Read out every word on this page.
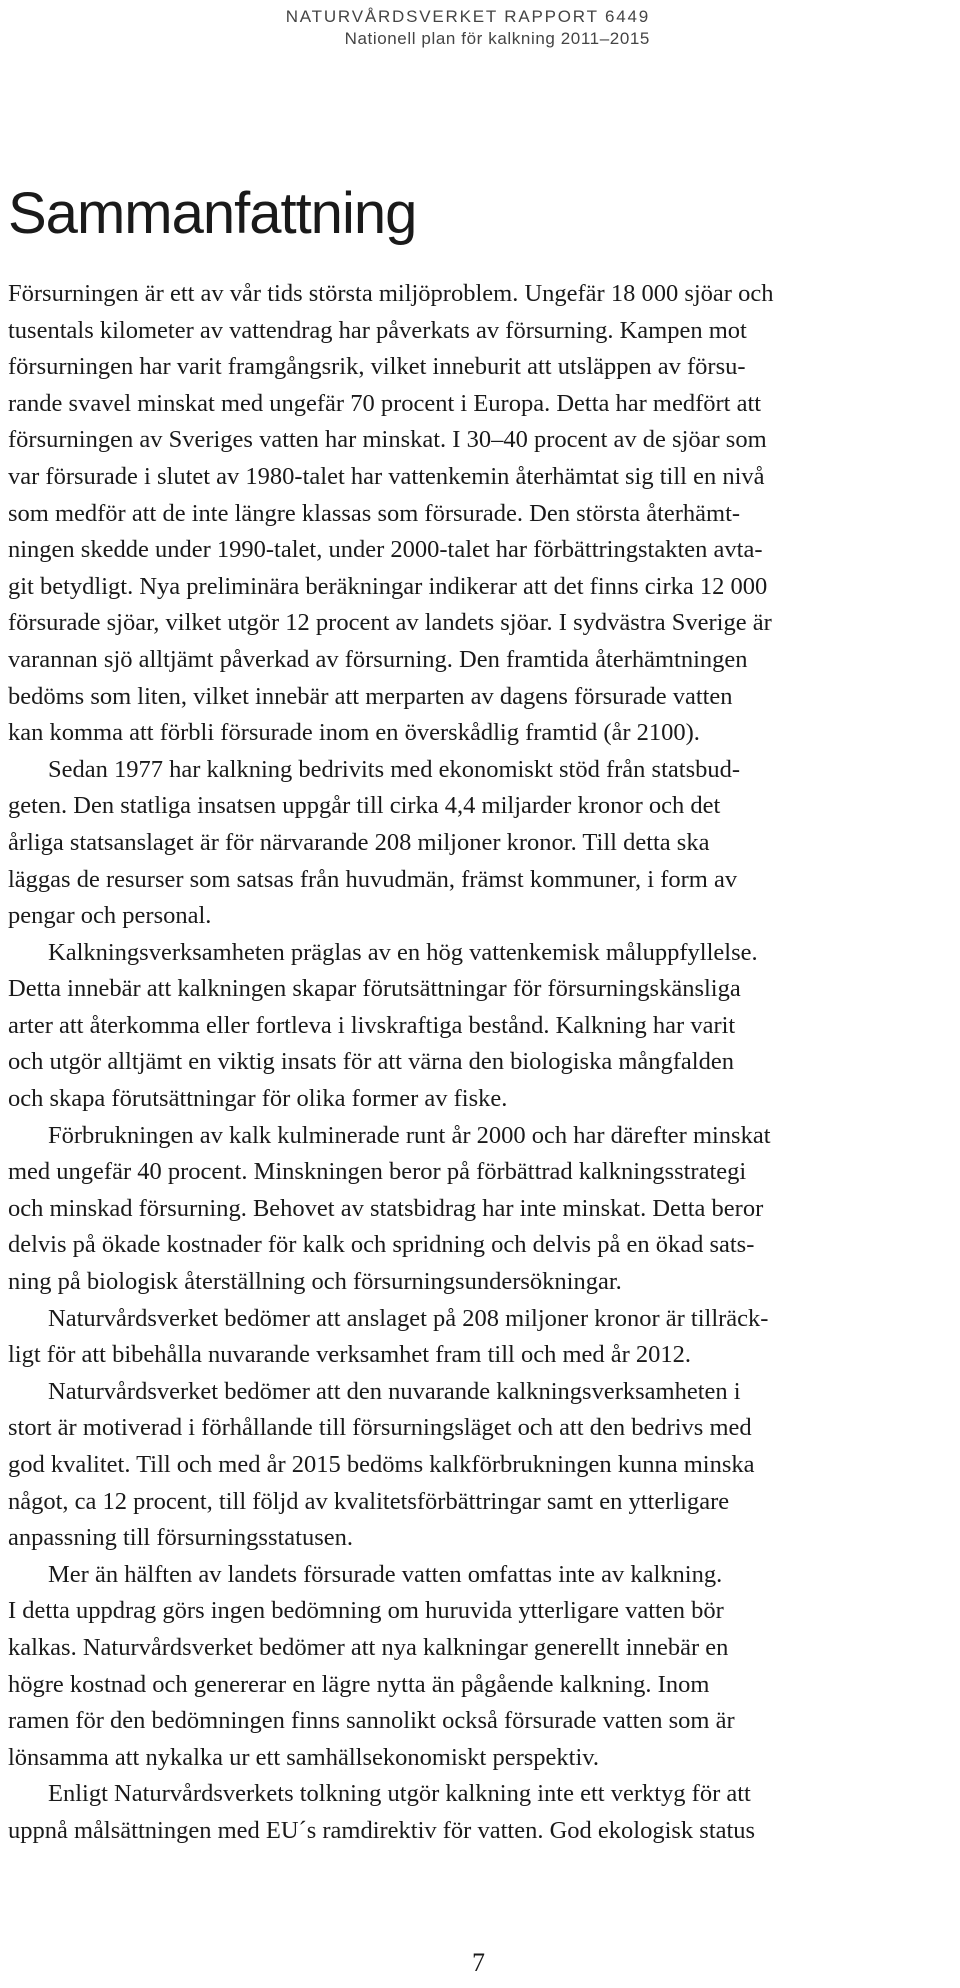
NATURVÅRDSVERKET RAPPORT 6449
Nationell plan för kalkning 2011–2015
Sammanfattning
Försurningen är ett av vår tids största miljöproblem. Ungefär 18 000 sjöar och
tusentals kilometer av vattendrag har påverkats av försurning. Kampen mot
försurningen har varit framgångsrik, vilket inneburit att utsläppen av försu-
rande svavel minskat med ungefär 70 procent i Europa. Detta har medfört att
försurningen av Sveriges vatten har minskat. I 30–40 procent av de sjöar som
var försurade i slutet av 1980-talet har vattenkemin återhämtat sig till en nivå
som medför att de inte längre klassas som försurade. Den största återhämt-
ningen skedde under 1990-talet, under 2000-talet har förbättringstakten avta-
git betydligt. Nya preliminära beräkningar indikerar att det finns cirka 12 000
försurade sjöar, vilket utgör 12 procent av landets sjöar. I sydvästra Sverige är
varannan sjö alltjämt påverkad av försurning. Den framtida återhämtningen
bedöms som liten, vilket innebär att merparten av dagens försurade vatten
kan komma att förbli försurade inom en överskådlig framtid (år 2100).
Sedan 1977 har kalkning bedrivits med ekonomiskt stöd från statsbud-
geten. Den statliga insatsen uppgår till cirka 4,4 miljarder kronor och det
årliga statsanslaget är för närvarande 208 miljoner kronor. Till detta ska
läggas de resurser som satsas från huvudmän, främst kommuner, i form av
pengar och personal.
Kalkningsverksamheten präglas av en hög vattenkemisk måluppfyllelse.
Detta innebär att kalkningen skapar förutsättningar för försurningskänsliga
arter att återkomma eller fortleva i livskraftiga bestånd. Kalkning har varit
och utgör alltjämt en viktig insats för att värna den biologiska mångfalden
och skapa förutsättningar för olika former av fiske.
Förbrukningen av kalk kulminerade runt år 2000 och har därefter minskat
med ungefär 40 procent. Minskningen beror på förbättrad kalkningsstrategi
och minskad försurning. Behovet av statsbidrag har inte minskat. Detta beror
delvis på ökade kostnader för kalk och spridning och delvis på en ökad sats-
ning på biologisk återställning och försurningsundersökningar.
Naturvårdsverket bedömer att anslaget på 208 miljoner kronor är tillräck-
ligt för att bibehålla nuvarande verksamhet fram till och med år 2012.
Naturvårdsverket bedömer att den nuvarande kalkningsverksamheten i
stort är motiverad i förhållande till försurningsläget och att den bedrivs med
god kvalitet. Till och med år 2015 bedöms kalkförbrukningen kunna minska
något, ca 12 procent, till följd av kvalitetsförbättringar samt en ytterligare
anpassning till försurningsstatusen.
Mer än hälften av landets försurade vatten omfattas inte av kalkning.
I detta uppdrag görs ingen bedömning om huruvida ytterligare vatten bör
kalkas. Naturvårdsverket bedömer att nya kalkningar generellt innebär en
högre kostnad och genererar en lägre nytta än pågående kalkning. Inom
ramen för den bedömningen finns sannolikt också försurade vatten som är
lönsamma att nykalka ur ett samhällsekonomiskt perspektiv.
Enligt Naturvårdsverkets tolkning utgör kalkning inte ett verktyg för att
uppnå målsättningen med EU´s ramdirektiv för vatten. God ekologisk status
7
